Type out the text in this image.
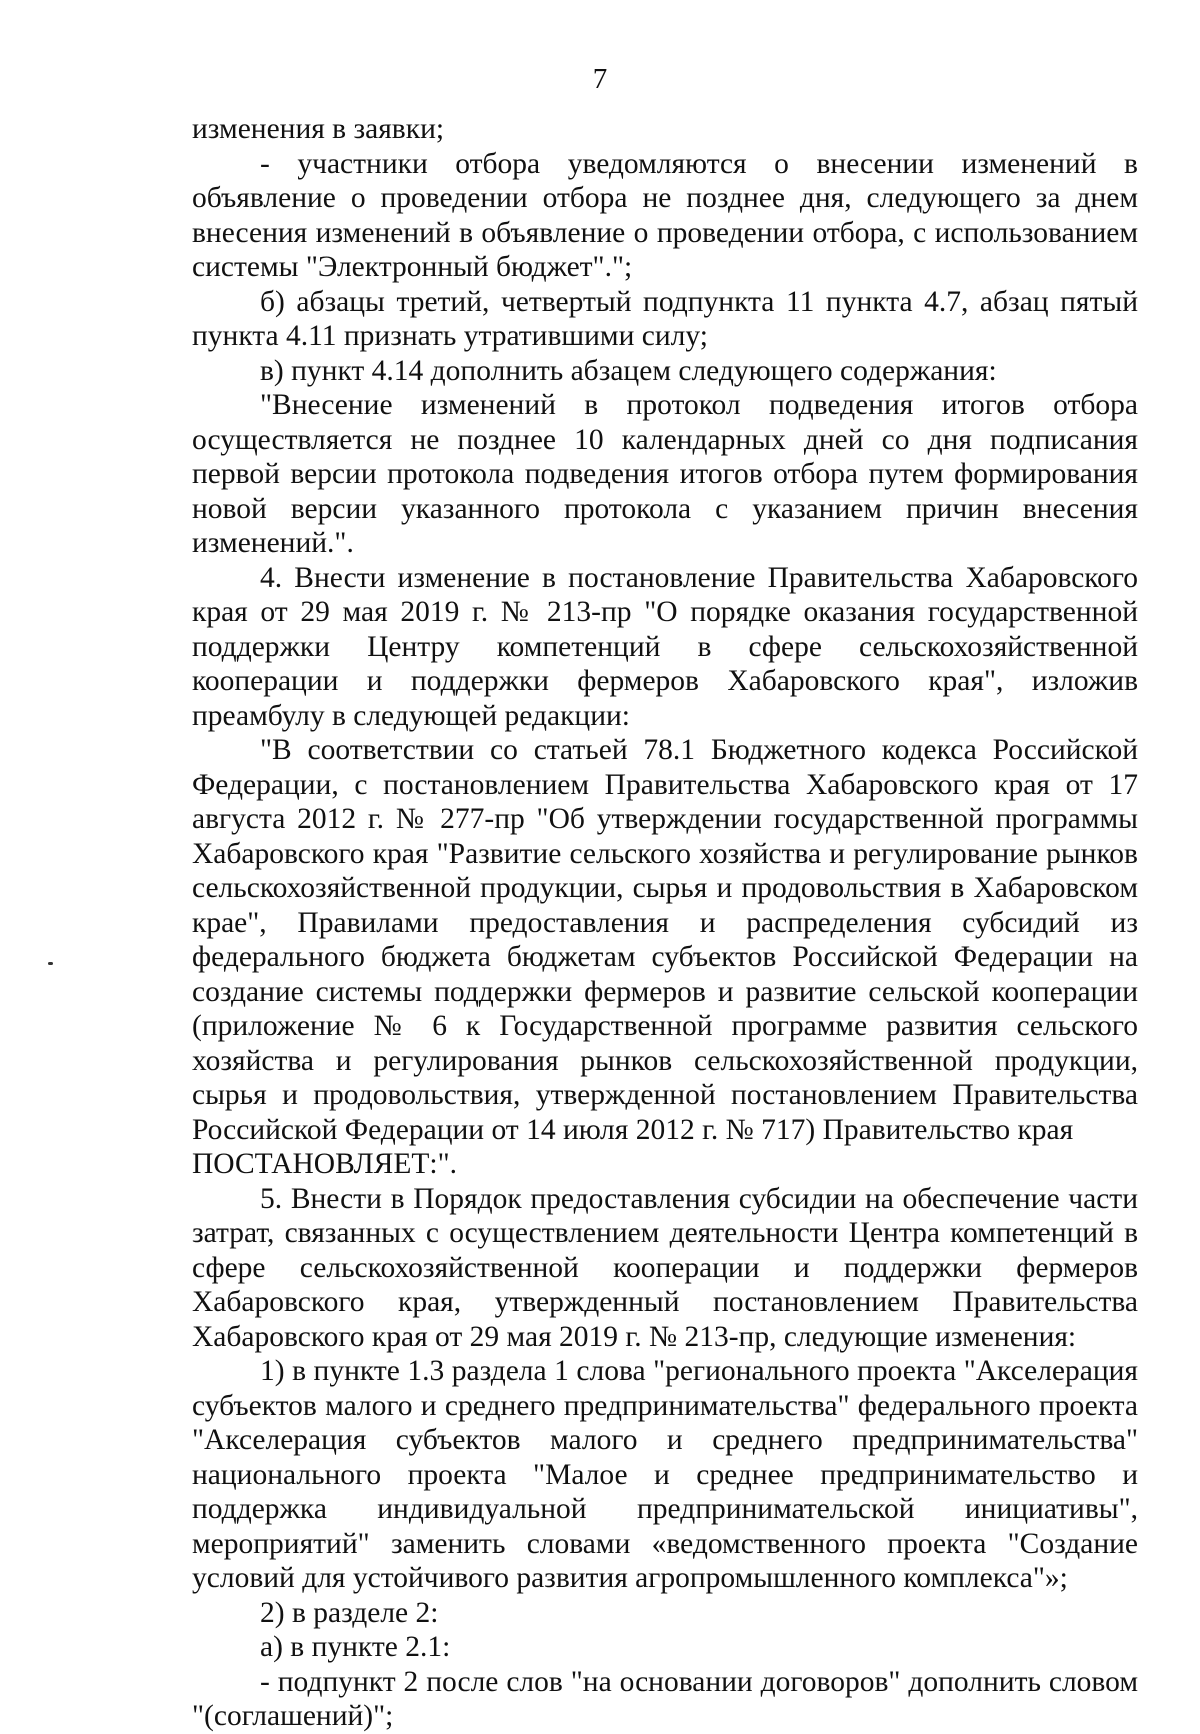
7

изменения в заявки;

- участники отбора уведомляются о внесении изменений в объявление о проведении отбора не позднее дня, следующего за днем внесения изменений в объявление о проведении отбора, с использованием системы "Электронный бюджет".";

б) абзацы третий, четвертый подпункта 11 пункта 4.7, абзац пятый пункта 4.11 признать утратившими силу;

в) пункт 4.14 дополнить абзацем следующего содержания:

"Внесение изменений в протокол подведения итогов отбора осуществляется не позднее 10 календарных дней со дня подписания первой версии протокола подведения итогов отбора путем формирования новой версии указанного протокола с указанием причин внесения изменений.".

4. Внести изменение в постановление Правительства Хабаровского края от 29 мая 2019 г. № 213-пр "О порядке оказания государственной поддержки Центру компетенций в сфере сельскохозяйственной кооперации и поддержки фермеров Хабаровского края", изложив преамбулу в следующей редакции:

"В соответствии со статьей 78.1 Бюджетного кодекса Российской Федерации, с постановлением Правительства Хабаровского края от 17 августа 2012 г. № 277-пр "Об утверждении государственной программы Хабаровского края "Развитие сельского хозяйства и регулирование рынков сельскохозяйственной продукции, сырья и продовольствия в Хабаровском крае", Правилами предоставления и распределения субсидий из федерального бюджета бюджетам субъектов Российской Федерации на создание системы поддержки фермеров и развитие сельской кооперации (приложение № 6 к Государственной программе развития сельского хозяйства и регулирования рынков сельскохозяйственной продукции, сырья и продовольствия, утвержденной постановлением Правительства Российской Федерации от 14 июля 2012 г. № 717) Правительство края

ПОСТАНОВЛЯЕТ:".

5. Внести в Порядок предоставления субсидии на обеспечение части затрат, связанных с осуществлением деятельности Центра компетенций в сфере сельскохозяйственной кооперации и поддержки фермеров Хабаровского края, утвержденный постановлением Правительства Хабаровского края от 29 мая 2019 г. № 213-пр, следующие изменения:

1) в пункте 1.3 раздела 1 слова "регионального проекта "Акселерация субъектов малого и среднего предпринимательства" федерального проекта "Акселерация субъектов малого и среднего предпринимательства" национального проекта "Малое и среднее предпринимательство и поддержка индивидуальной предпринимательской инициативы", мероприятий" заменить словами «ведомственного проекта "Создание условий для устойчивого развития агропромышленного комплекса"»;

2) в разделе 2:

а) в пункте 2.1:

- подпункт 2 после слов "на основании договоров" дополнить словом "(соглашений)";
